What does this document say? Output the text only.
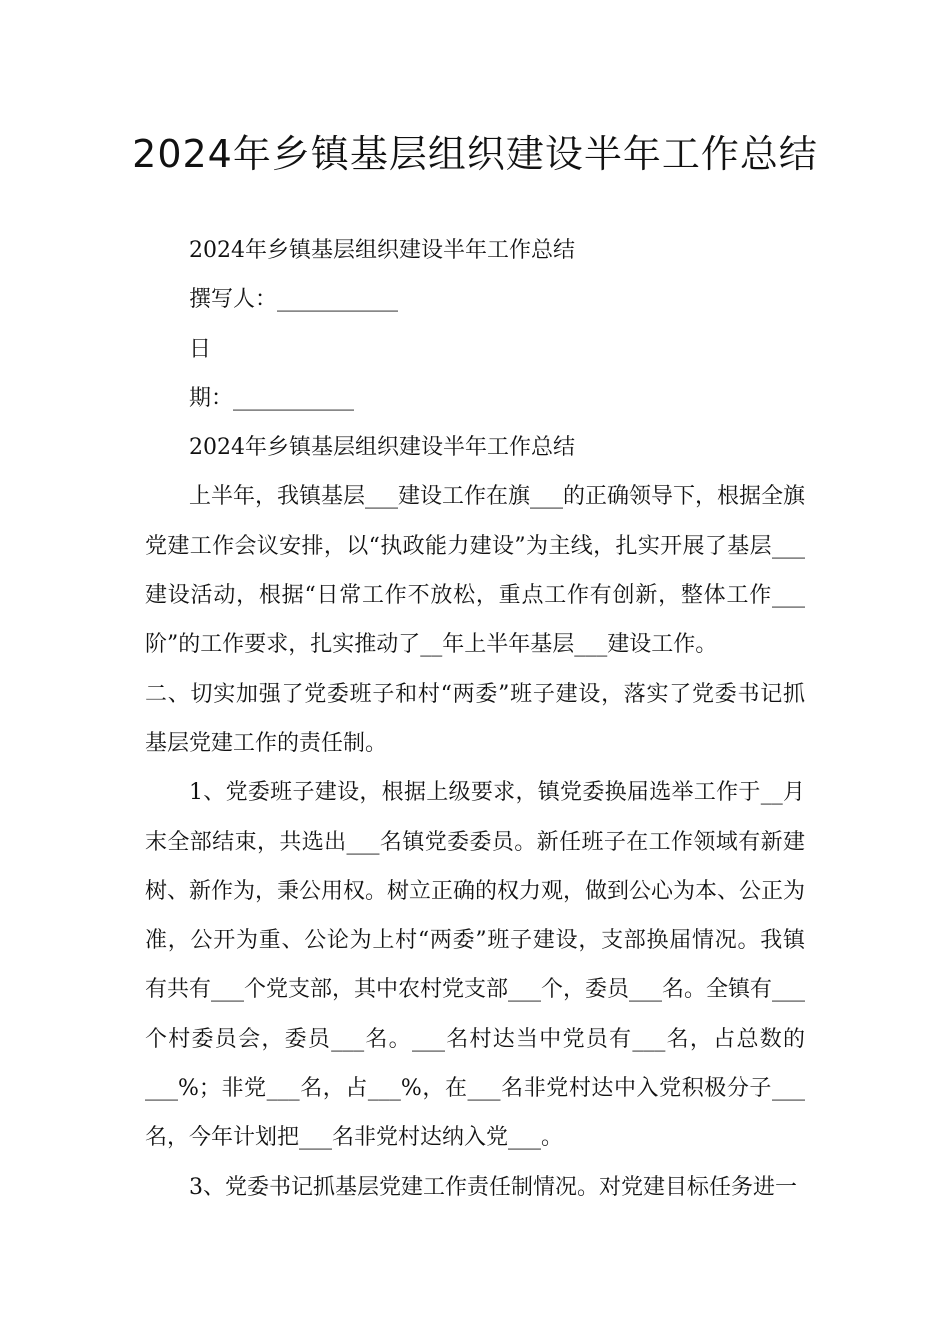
2024年乡镇基层组织建设半年工作总结

2024年乡镇基层组织建设半年工作总结

撰写人：___________

日

期：___________

2024年乡镇基层组织建设半年工作总结

上半年，我镇基层___建设工作在旗___的正确领导下，根据全旗党建工作会议安排，以“执政能力建设”为主线，扎实开展了基层___建设活动，根据“日常工作不放松，重点工作有创新，整体工作___阶”的工作要求，扎实推动了__年上半年基层___建设工作。

二、切实加强了党委班子和村“两委”班子建设，落实了党委书记抓基层党建工作的责任制。

1、党委班子建设，根据上级要求，镇党委换届选举工作于__月末全部结束，共选出___名镇党委委员。新任班子在工作领域有新建树、新作为，秉公用权。树立正确的权力观，做到公心为本、公正为准，公开为重、公论为上村“两委”班子建设，支部换届情况。我镇有共有___个党支部，其中农村党支部___个，委员___名。全镇有___个村委员会，委员___名。___名村达当中党员有___名，占总数的___%；非党___名，占___%，在___名非党村达中入党积极分子___名，今年计划把___名非党村达纳入党___。

3、党委书记抓基层党建工作责任制情况。对党建目标任务进一
